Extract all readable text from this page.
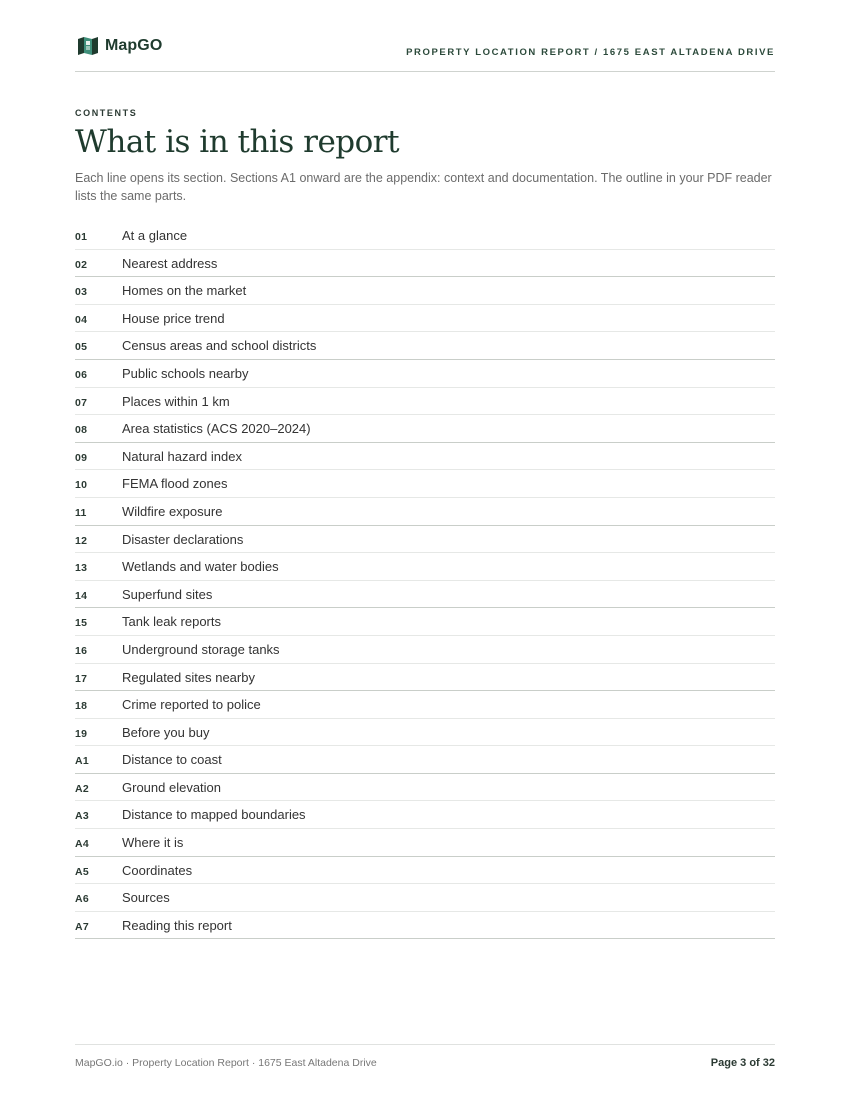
MapGO	PROPERTY LOCATION REPORT / 1675 EAST ALTADENA DRIVE
CONTENTS
What is in this report

Each line opens its section. Sections A1 onward are the appendix: context and documentation. The outline in your PDF reader lists the same parts.

01	At a glance
02	Nearest address
03	Homes on the market
04	House price trend
05	Census areas and school districts
06	Public schools nearby
07	Places within 1 km
08	Area statistics (ACS 2020–2024)
09	Natural hazard index
10	FEMA flood zones
11	Wildfire exposure
12	Disaster declarations
13	Wetlands and water bodies
14	Superfund sites
15	Tank leak reports
16	Underground storage tanks
17	Regulated sites nearby
18	Crime reported to police
19	Before you buy
A1	Distance to coast
A2	Ground elevation
A3	Distance to mapped boundaries
A4	Where it is
A5	Coordinates
A6	Sources
A7	Reading this report
MapGO.io · Property Location Report · 1675 East Altadena Drive	Page 3 of 32
